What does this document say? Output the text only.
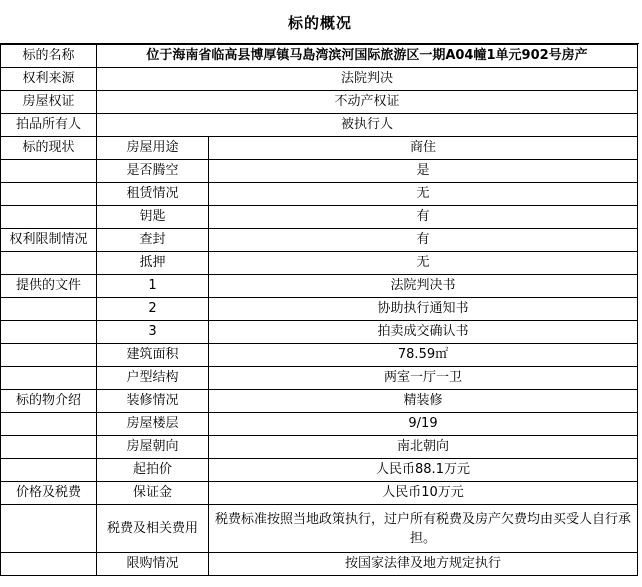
标的概况
标的名称	位于海南省临高县博厚镇马島湾滨河国际旅游区一期A04幢1单元902号房产	
权利来源	法院判决	
房屋权证	不动产权证	
拍品所有人	被执行人	
标的现状	房屋用途	商住
	是否腾空	是
	租赁情况	无
	钥匙	有
权利限制情况	查封	有
	抵押	无
提供的文件	1	法院判决书
	2	协助执行通知书
	3	拍卖成交确认书
	建筑面积	78.59㎡
	户型结构	两室一厅一卫
标的物介绍	装修情况	精装修
	房屋楼层	9/19
	房屋朝向	南北朝向
	起拍价	人民币88.1万元
价格及税费	保证金	人民币10万元
	税费及相关费用	税费标准按照当地政策执行，过户所有税费及房产欠费均由买受人自行承担。
	限购情况	按国家法律及地方规定执行
